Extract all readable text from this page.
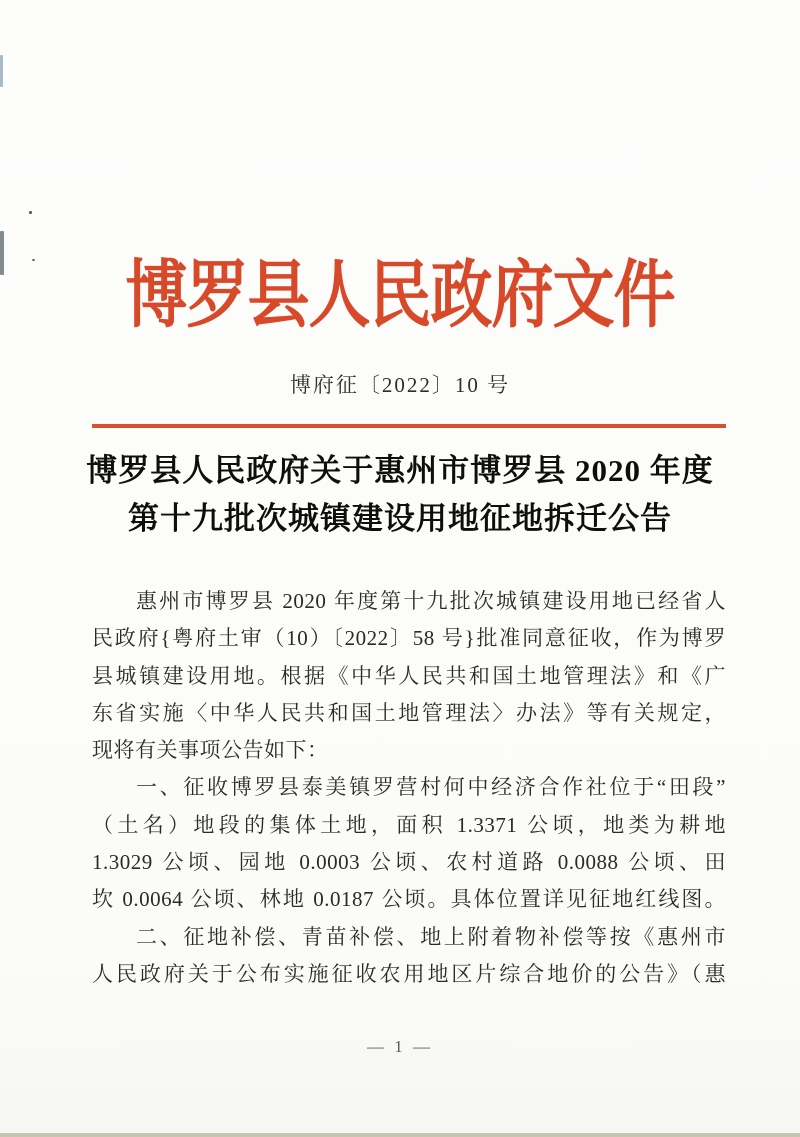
博罗县人民政府文件
博府征〔2022〕10 号
博罗县人民政府关于惠州市博罗县 2020 年度
第十九批次城镇建设用地征地拆迁公告
惠州市博罗县 2020 年度第十九批次城镇建设用地已经省人
民政府{粤府土审（10）〔2022〕58 号}批准同意征收，作为博罗
县城镇建设用地。根据《中华人民共和国土地管理法》和《广
东省实施〈中华人民共和国土地管理法〉办法》等有关规定，
现将有关事项公告如下：
一、征收博罗县泰美镇罗营村何中经济合作社位于“田段”
（土名）地段的集体土地，面积 1.3371 公顷，地类为耕地
1.3029 公顷、园地 0.0003 公顷、农村道路 0.0088 公顷、田
坎 0.0064 公顷、林地 0.0187 公顷。具体位置详见征地红线图。
二、征地补偿、青苗补偿、地上附着物补偿等按《惠州市
人民政府关于公布实施征收农用地区片综合地价的公告》（惠
— 1 —
